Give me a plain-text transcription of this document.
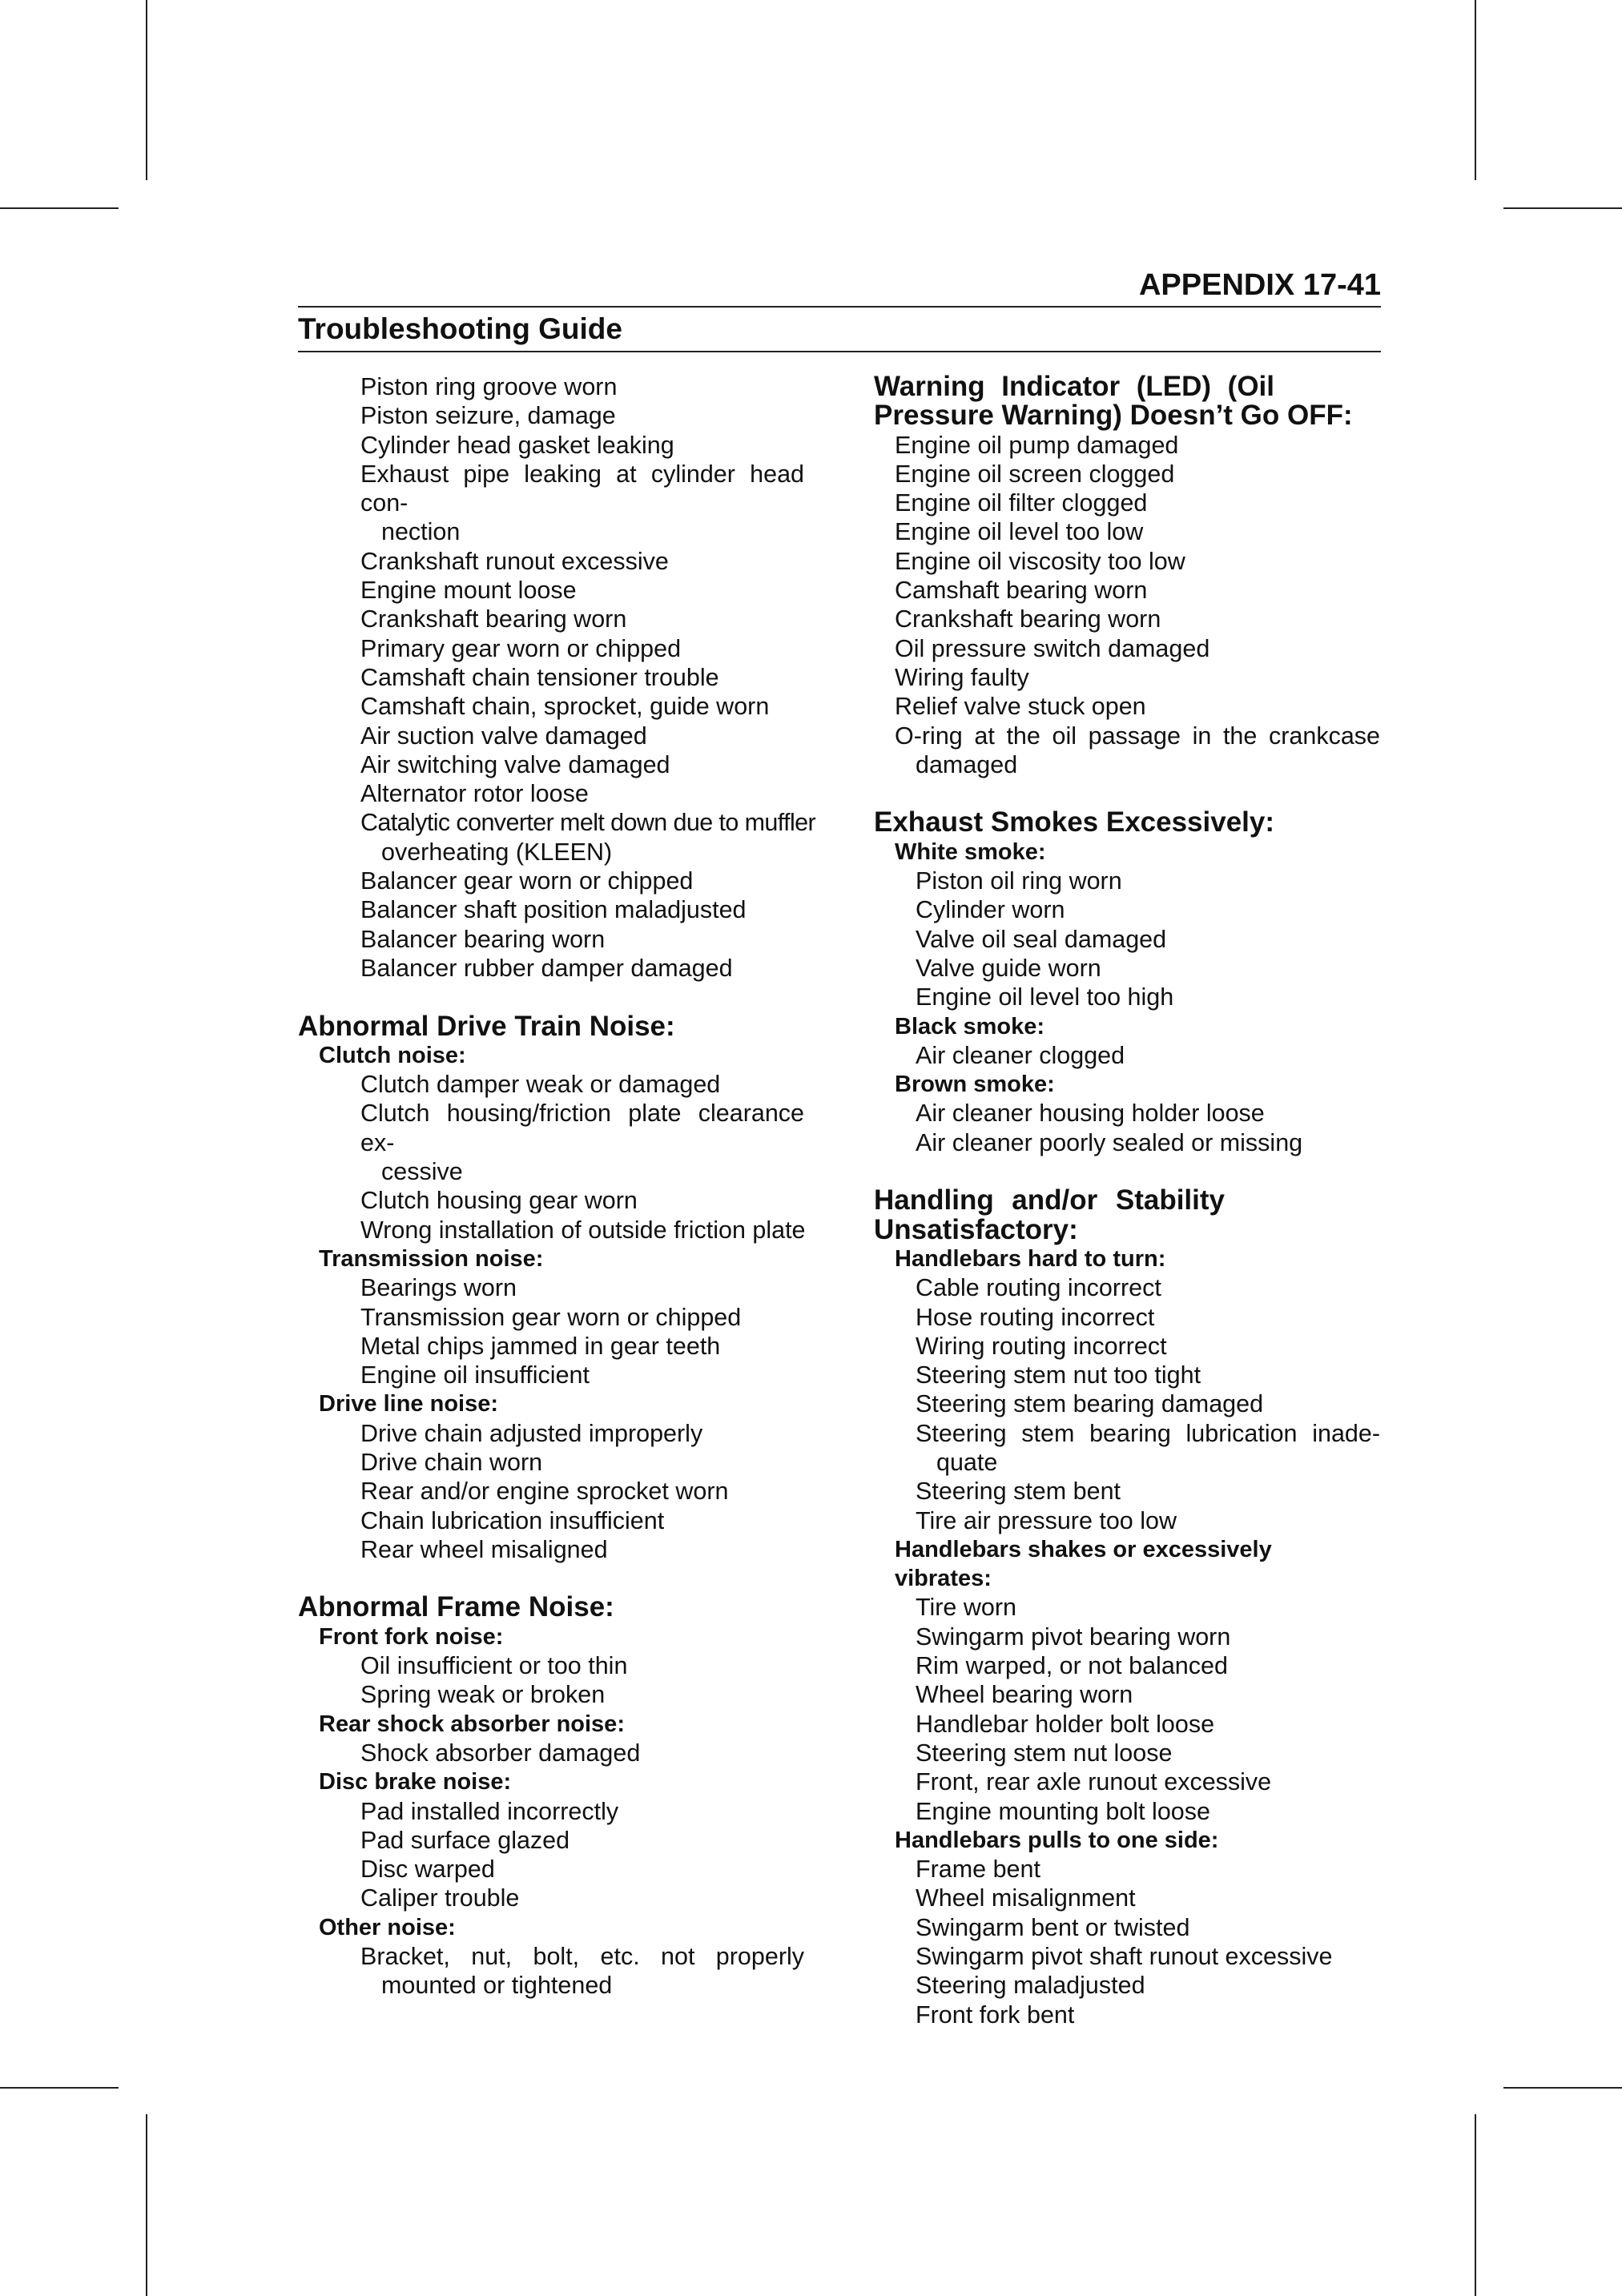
APPENDIX 17-41
Troubleshooting Guide
Piston ring groove worn
Piston seizure, damage
Cylinder head gasket leaking
Exhaust pipe leaking at cylinder head con-
nection
Crankshaft runout excessive
Engine mount loose
Crankshaft bearing worn
Primary gear worn or chipped
Camshaft chain tensioner trouble
Camshaft chain, sprocket, guide worn
Air suction valve damaged
Air switching valve damaged
Alternator rotor loose
Catalytic converter melt down due to muffler
overheating (KLEEN)
Balancer gear worn or chipped
Balancer shaft position maladjusted
Balancer bearing worn
Balancer rubber damper damaged
Abnormal Drive Train Noise:
Clutch noise:
Clutch damper weak or damaged
Clutch housing/friction plate clearance ex-
cessive
Clutch housing gear worn
Wrong installation of outside friction plate
Transmission noise:
Bearings worn
Transmission gear worn or chipped
Metal chips jammed in gear teeth
Engine oil insufficient
Drive line noise:
Drive chain adjusted improperly
Drive chain worn
Rear and/or engine sprocket worn
Chain lubrication insufficient
Rear wheel misaligned
Abnormal Frame Noise:
Front fork noise:
Oil insufficient or too thin
Spring weak or broken
Rear shock absorber noise:
Shock absorber damaged
Disc brake noise:
Pad installed incorrectly
Pad surface glazed
Disc warped
Caliper trouble
Other noise:
Bracket, nut, bolt, etc. not properly
mounted or tightened
Warning Indicator (LED) (Oil
Pressure Warning) Doesn’t Go OFF:
Engine oil pump damaged
Engine oil screen clogged
Engine oil filter clogged
Engine oil level too low
Engine oil viscosity too low
Camshaft bearing worn
Crankshaft bearing worn
Oil pressure switch damaged
Wiring faulty
Relief valve stuck open
O-ring at the oil passage in the crankcase
damaged
Exhaust Smokes Excessively:
White smoke:
Piston oil ring worn
Cylinder worn
Valve oil seal damaged
Valve guide worn
Engine oil level too high
Black smoke:
Air cleaner clogged
Brown smoke:
Air cleaner housing holder loose
Air cleaner poorly sealed or missing
Handling and/or Stability
Unsatisfactory:
Handlebars hard to turn:
Cable routing incorrect
Hose routing incorrect
Wiring routing incorrect
Steering stem nut too tight
Steering stem bearing damaged
Steering stem bearing lubrication inade-
quate
Steering stem bent
Tire air pressure too low
Handlebars shakes or excessively
vibrates:
Tire worn
Swingarm pivot bearing worn
Rim warped, or not balanced
Wheel bearing worn
Handlebar holder bolt loose
Steering stem nut loose
Front, rear axle runout excessive
Engine mounting bolt loose
Handlebars pulls to one side:
Frame bent
Wheel misalignment
Swingarm bent or twisted
Swingarm pivot shaft runout excessive
Steering maladjusted
Front fork bent
